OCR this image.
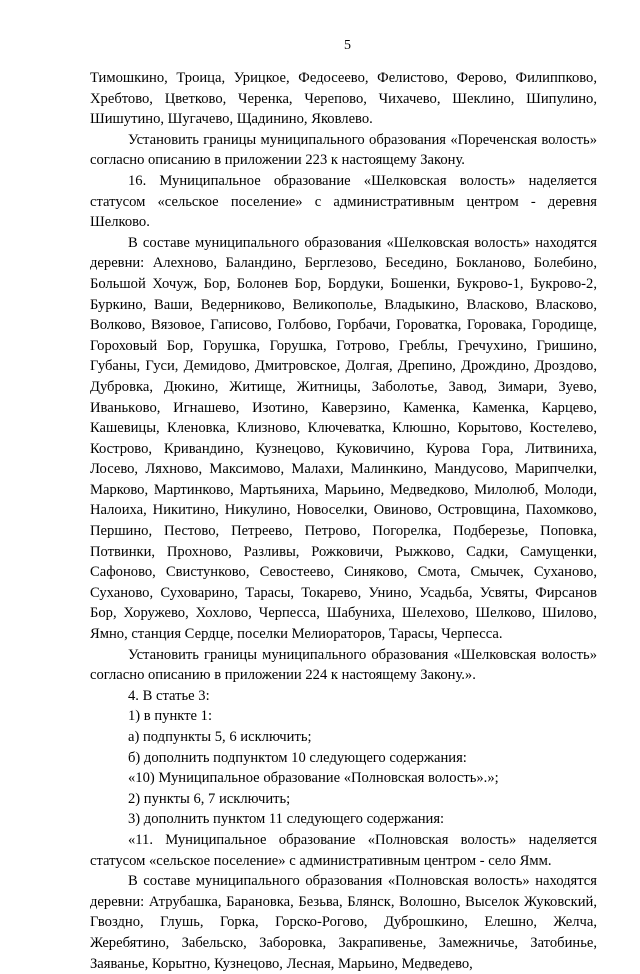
5

Тимошкино, Троица, Урицкое, Федосеево, Фелистово, Ферово, Филиппково, Хребтово, Цветково, Черенка, Черепово, Чихачево, Шеклино, Шипулино, Шишутино, Шугачево, Щадинино, Яковлево.

Установить границы муниципального образования «Пореченская волость» согласно описанию в приложении 223 к настоящему Закону.

16. Муниципальное образование «Шелковская волость» наделяется статусом «сельское поселение» с административным центром - деревня Шелково.

В составе муниципального образования «Шелковская волость» находятся деревни: Алехново, Баландино, Берглезово, Беседино, Бокланово, Болебино, Большой Хочуж, Бор, Болонев Бор, Бордуки, Бошенки, Букрово-1, Букрово-2, Буркино, Ваши, Ведерниково, Великополье, Владыкино, Власково, Власково, Волково, Вязовое, Гаписово, Голбово, Горбачи, Горoватка, Горoвакa, Городище, Гороховый Бор, Горушка, Горушка, Готрово, Греблы, Гречухино, Гришино, Губаны, Гуси, Демидово, Дмитровское, Долгая, Дрепино, Дрождино, Дроздово, Дубровка, Дюкино, Житище, Житницы, Заболотье, Завод, Зимари, Зуево, Иванькoвo, Игнашево, Изотино, Каверзино, Каменка, Каменка, Карцево, Кашевицы, Кленовка, Клизново, Ключеватка, Клюшно, Корытово, Костелево, Кострово, Кривандино, Кузнецово, Куковичино, Курова Гора, Литвиниха, Лосево, Ляхново, Максимово, Малахи, Малинкино, Мандусово, Марипчелки, Марково, Мартинково, Мартьяниха, Марьино, Медведково, Милолюб, Молоди, Налоиха, Никитино, Никулино, Новоселки, Овиново, Островщина, Пахомково, Першино, Пестово, Петреево, Петрово, Погорелка, Подберезье, Поповка, Потвинки, Прохново, Разливы, Рожковичи, Рыжково, Садки, Самущенки, Сафоново, Свистунково, Севостеево, Синяково, Смота, Смычек, Суханово, Суханово, Суховарино, Тарасы, Токарево, Унино, Усадьба, Усвяты, Фирсанов Бор, Хоружево, Хохлово, Черпесса, Шабуниха, Шелехово, Шелково, Шилово, Ямно, станция Сердце, поселки Мелиораторов, Тарасы, Черпесса.

Установить границы муниципального образования «Шелковская волость» согласно описанию в приложении 224 к настоящему Закону.».

4. В статье 3:

1) в пункте 1:

а) подпункты 5, 6 исключить;

б) дополнить подпунктом 10 следующего содержания:

«10) Муниципальное образование «Полновская волость».»;

2) пункты 6, 7 исключить;

3) дополнить пунктом 11 следующего содержания:

«11. Муниципальное образование «Полновская волость» наделяется статусом «сельское поселение» с административным центром - село Ямм.

В составе муниципального образования «Полновская волость» находятся деревни: Атрубашка, Барановка, Безьва, Блянск, Волошно, Выселок Жуковский, Гвоздно, Глушь, Горка, Горско-Рогово, Дуброшкино, Елешно, Желча, Жеребятино, Забельско, Заборовка, Закрапивенье, Замежничье, Затобинье, Заяванье, Корытно, Кузнецово, Лесная, Марьино, Медведево,
